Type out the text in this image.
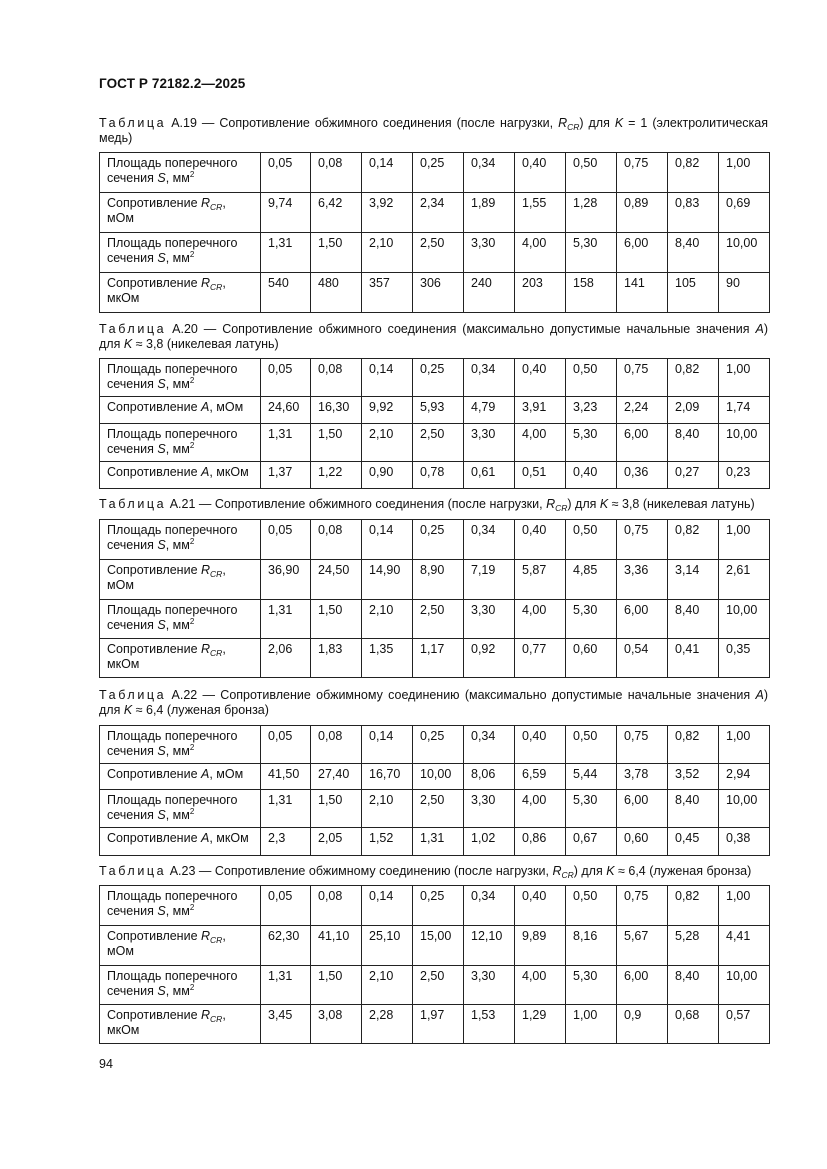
ГОСТ Р 72182.2—2025
Таблица А.19 — Сопротивление обжимного соединения (после нагрузки, $R_{CR}$) для K = 1 (электролитическая медь)
Площадь поперечного сечения S, $мм^2$	0,05	0,08	0,14	0,25	0,34	0,40	0,50	0,75	0,82	1,00
Сопротивление $R_{CR}$, мОм	9,74	6,42	3,92	2,34	1,89	1,55	1,28	0,89	0,83	0,69
Площадь поперечного сечения S, $мм^2$	1,31	1,50	2,10	2,50	3,30	4,00	5,30	6,00	8,40	10,00
Сопротивление $R_{CR}$, мкОм	540	480	357	306	240	203	158	141	105	90
Таблица А.20 — Сопротивление обжимного соединения (максимально допустимые начальные значения A) для K ≈ 3,8 (никелевая латунь)
Площадь поперечного сечения S, $мм^2$	0,05	0,08	0,14	0,25	0,34	0,40	0,50	0,75	0,82	1,00
Сопротивление A, мОм	24,60	16,30	9,92	5,93	4,79	3,91	3,23	2,24	2,09	1,74
Площадь поперечного сечения S, $мм^2$	1,31	1,50	2,10	2,50	3,30	4,00	5,30	6,00	8,40	10,00
Сопротивление A, мкОм	1,37	1,22	0,90	0,78	0,61	0,51	0,40	0,36	0,27	0,23
Таблица А.21 — Сопротивление обжимного соединения (после нагрузки, $R_{CR}$) для K ≈ 3,8 (никелевая латунь)
Площадь поперечного сечения S, $мм^2$	0,05	0,08	0,14	0,25	0,34	0,40	0,50	0,75	0,82	1,00
Сопротивление $R_{CR}$, мОм	36,90	24,50	14,90	8,90	7,19	5,87	4,85	3,36	3,14	2,61
Площадь поперечного сечения S, $мм^2$	1,31	1,50	2,10	2,50	3,30	4,00	5,30	6,00	8,40	10,00
Сопротивление $R_{CR}$, мкОм	2,06	1,83	1,35	1,17	0,92	0,77	0,60	0,54	0,41	0,35
Таблица А.22 — Сопротивление обжимному соединению (максимально допустимые начальные значения A) для K ≈ 6,4 (луженая бронза)
Площадь поперечного сечения S, $мм^2$	0,05	0,08	0,14	0,25	0,34	0,40	0,50	0,75	0,82	1,00
Сопротивление A, мОм	41,50	27,40	16,70	10,00	8,06	6,59	5,44	3,78	3,52	2,94
Площадь поперечного сечения S, $мм^2$	1,31	1,50	2,10	2,50	3,30	4,00	5,30	6,00	8,40	10,00
Сопротивление A, мкОм	2,3	2,05	1,52	1,31	1,02	0,86	0,67	0,60	0,45	0,38
Таблица А.23 — Сопротивление обжимному соединению (после нагрузки, $R_{CR}$) для K ≈ 6,4 (луженая бронза)
Площадь поперечного сечения S, $мм^2$	0,05	0,08	0,14	0,25	0,34	0,40	0,50	0,75	0,82	1,00
Сопротивление $R_{CR}$, мОм	62,30	41,10	25,10	15,00	12,10	9,89	8,16	5,67	5,28	4,41
Площадь поперечного сечения S, $мм^2$	1,31	1,50	2,10	2,50	3,30	4,00	5,30	6,00	8,40	10,00
Сопротивление $R_{CR}$, мкОм	3,45	3,08	2,28	1,97	1,53	1,29	1,00	0,9	0,68	0,57
94
